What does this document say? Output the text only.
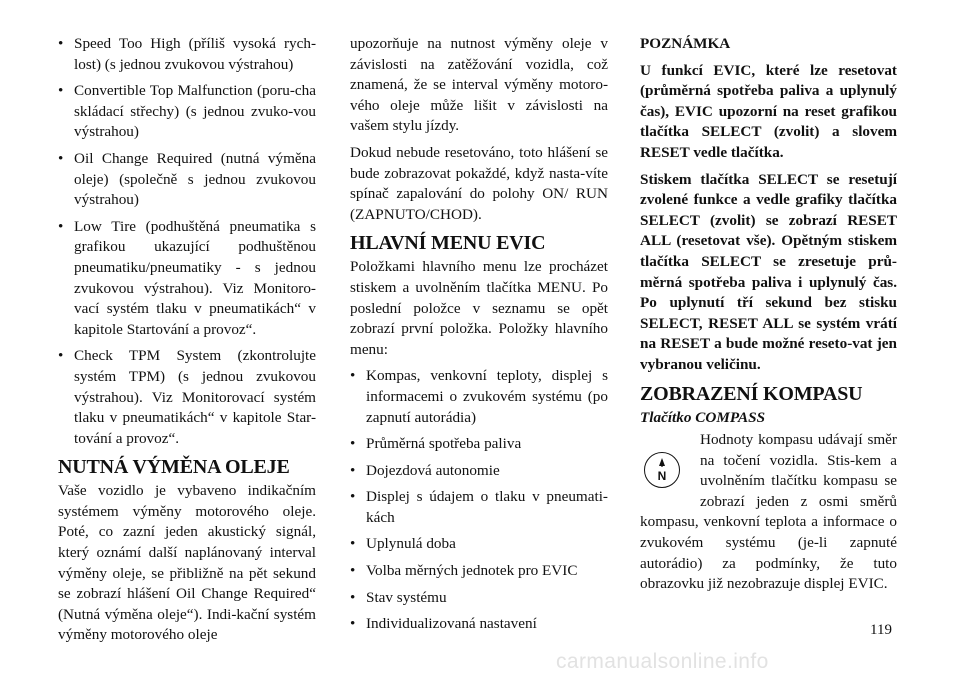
• Speed Too High (příliš vysoká rych-lost) (s jednou zvukovou výstrahou)
• Convertible Top Malfunction (poru-cha skládací střechy) (s jednou zvuko-vou výstrahou)
• Oil Change Required (nutná výměna oleje) (společně s jednou zvukovou výstrahou)
• Low Tire (podhuštěná pneumatika s grafikou ukazující podhuštěnou pneumatiku/pneumatiky - s jednou zvukovou výstrahou). Viz Monitoro-vací systém tlaku v pneumatikách“ v kapitole Startování a provoz“.
• Check TPM System (zkontrolujte systém TPM) (s jednou zvukovou výstrahou). Viz Monitorovací systém tlaku v pneumatikách“ v kapitole Star-tování a provoz“.
NUTNÁ VÝMĚNA OLEJE

Vaše vozidlo je vybaveno indikačním systémem výměny motorového oleje. Poté, co zazní jeden akustický signál, který oznámí další naplánovaný interval výměny oleje, se přibližně na pět sekund se zobrazí hlášení Oil Change Required“ (Nutná výměna oleje“). Indi-kační systém výměny motorového oleje

upozorňuje na nutnost výměny oleje v závislosti na zatěžování vozidla, což znamená, že se interval výměny motoro-vého oleje může lišit v závislosti na vašem stylu jízdy.

Dokud nebude resetováno, toto hlášení se bude zobrazovat pokaždé, když nasta-víte spínač zapalování do polohy ON/ RUN (ZAPNUTO/CHOD).

HLAVNÍ MENU EVIC

Položkami hlavního menu lze procházet stiskem a uvolněním tlačítka MENU. Po poslední položce v seznamu se opět zobrazí první položka. Položky hlavního menu:

• Kompas, venkovní teploty, displej s informacemi o zvukovém systému (po zapnutí autorádia)
• Průměrná spotřeba paliva
• Dojezdová autonomie
• Displej s údajem o tlaku v pneumati-kách
• Uplynulá doba
• Volba měrných jednotek pro EVIC
• Stav systému
• Individualizovaná nastavení
POZNÁMKA

U funkcí EVIC, které lze resetovat (průměrná spotřeba paliva a uplynulý čas), EVIC upozorní na reset grafikou tlačítka SELECT (zvolit) a slovem RESET vedle tlačítka.

Stiskem tlačítka SELECT se resetují zvolené funkce a vedle grafiky tlačítka SELECT (zvolit) se zobrazí RESET ALL (resetovat vše). Opětným stiskem tlačítka SELECT se zresetuje prů-měrná spotřeba paliva i uplynulý čas. Po uplynutí tří sekund bez stisku SELECT, RESET ALL se systém vrátí na RESET a bude možné reseto-vat jen vybranou veličinu.

ZOBRAZENÍ KOMPASU
Tlačítko COMPASS
N

Hodnoty kompasu udávají směr na točení vozidla. Stis-kem a uvolněním tlačítku kompasu se zobrazí jeden z osmi směrů kompasu, venkovní teplota a informace o zvukovém systému (je-li zapnuté autorádio) za podmínky, že tuto obrazovku již nezobrazuje displej EVIC.

119
carmanualsonline.info
